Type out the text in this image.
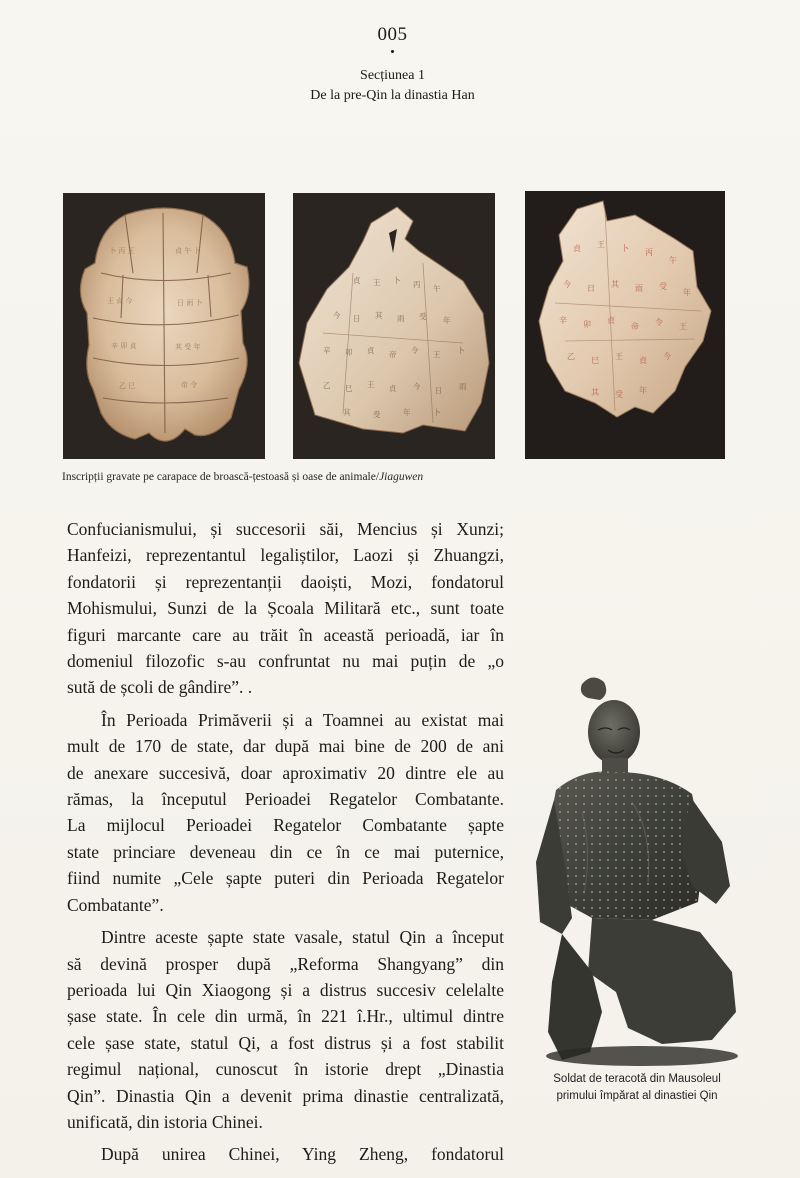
005
Secțiunea 1
De la pre-Qin la dinastia Han
卜 丙 王	貞 午 卜
王 貞 今	日 雨 卜
辛 卯 貞	其 受 年
乙 巳	帝 令
貞 王 卜 丙 午
今 日 其 雨 受 年
辛 卯 貞 帝 令 王 卜
乙 巳 王 貞 今 日 雨
其	受	年	卜
貞 王 卜 丙
午
今 日 其 雨 受
年
辛 卯 貞
帝 令 王
乙 巳 王 貞 今
其 受 年
Inscripții gravate pe carapace de broască-țestoasă și oase de animale/Jiaguwen

Confucianismului, și succesorii săi, Mencius și Xunzi;
Hanfeizi, reprezentantul legaliștilor, Laozi și Zhuangzi,
fondatorii și reprezentanții daoiști, Mozi, fondatorul
Mohismului, Sunzi de la Școala Militară etc., sunt toate
figuri marcante care au trăit în această perioadă, iar în
domeniul filozofic s-au confruntat nu mai puțin de „o
sută de școli de gândire”. .

În Perioada Primăverii și a Toamnei au existat mai
mult de 170 de state, dar după mai bine de 200 de ani
de anexare succesivă, doar aproximativ 20 dintre ele au
rămas, la începutul Perioadei Regatelor Combatante.
La mijlocul Perioadei Regatelor Combatante șapte
state princiare deveneau din ce în ce mai puternice,
fiind numite „Cele șapte puteri din Perioada Regatelor
Combatante”.

Dintre aceste șapte state vasale, statul Qin a început
să devină prosper după „Reforma Shangyang” din
perioada lui Qin Xiaogong și a distrus succesiv celelalte
șase state. În cele din urmă, în 221 î.Hr., ultimul dintre
cele șase state, statul Qi, a fost distrus și a fost stabilit
regimul național, cunoscut în istorie drept „Dinastia
Qin”. Dinastia Qin a devenit prima dinastie centralizată,
unificată, din istoria Chinei.

După unirea Chinei, Ying Zheng, fondatorul

Soldat de teracotă din Mausoleul
primului împărat al dinastiei Qin
